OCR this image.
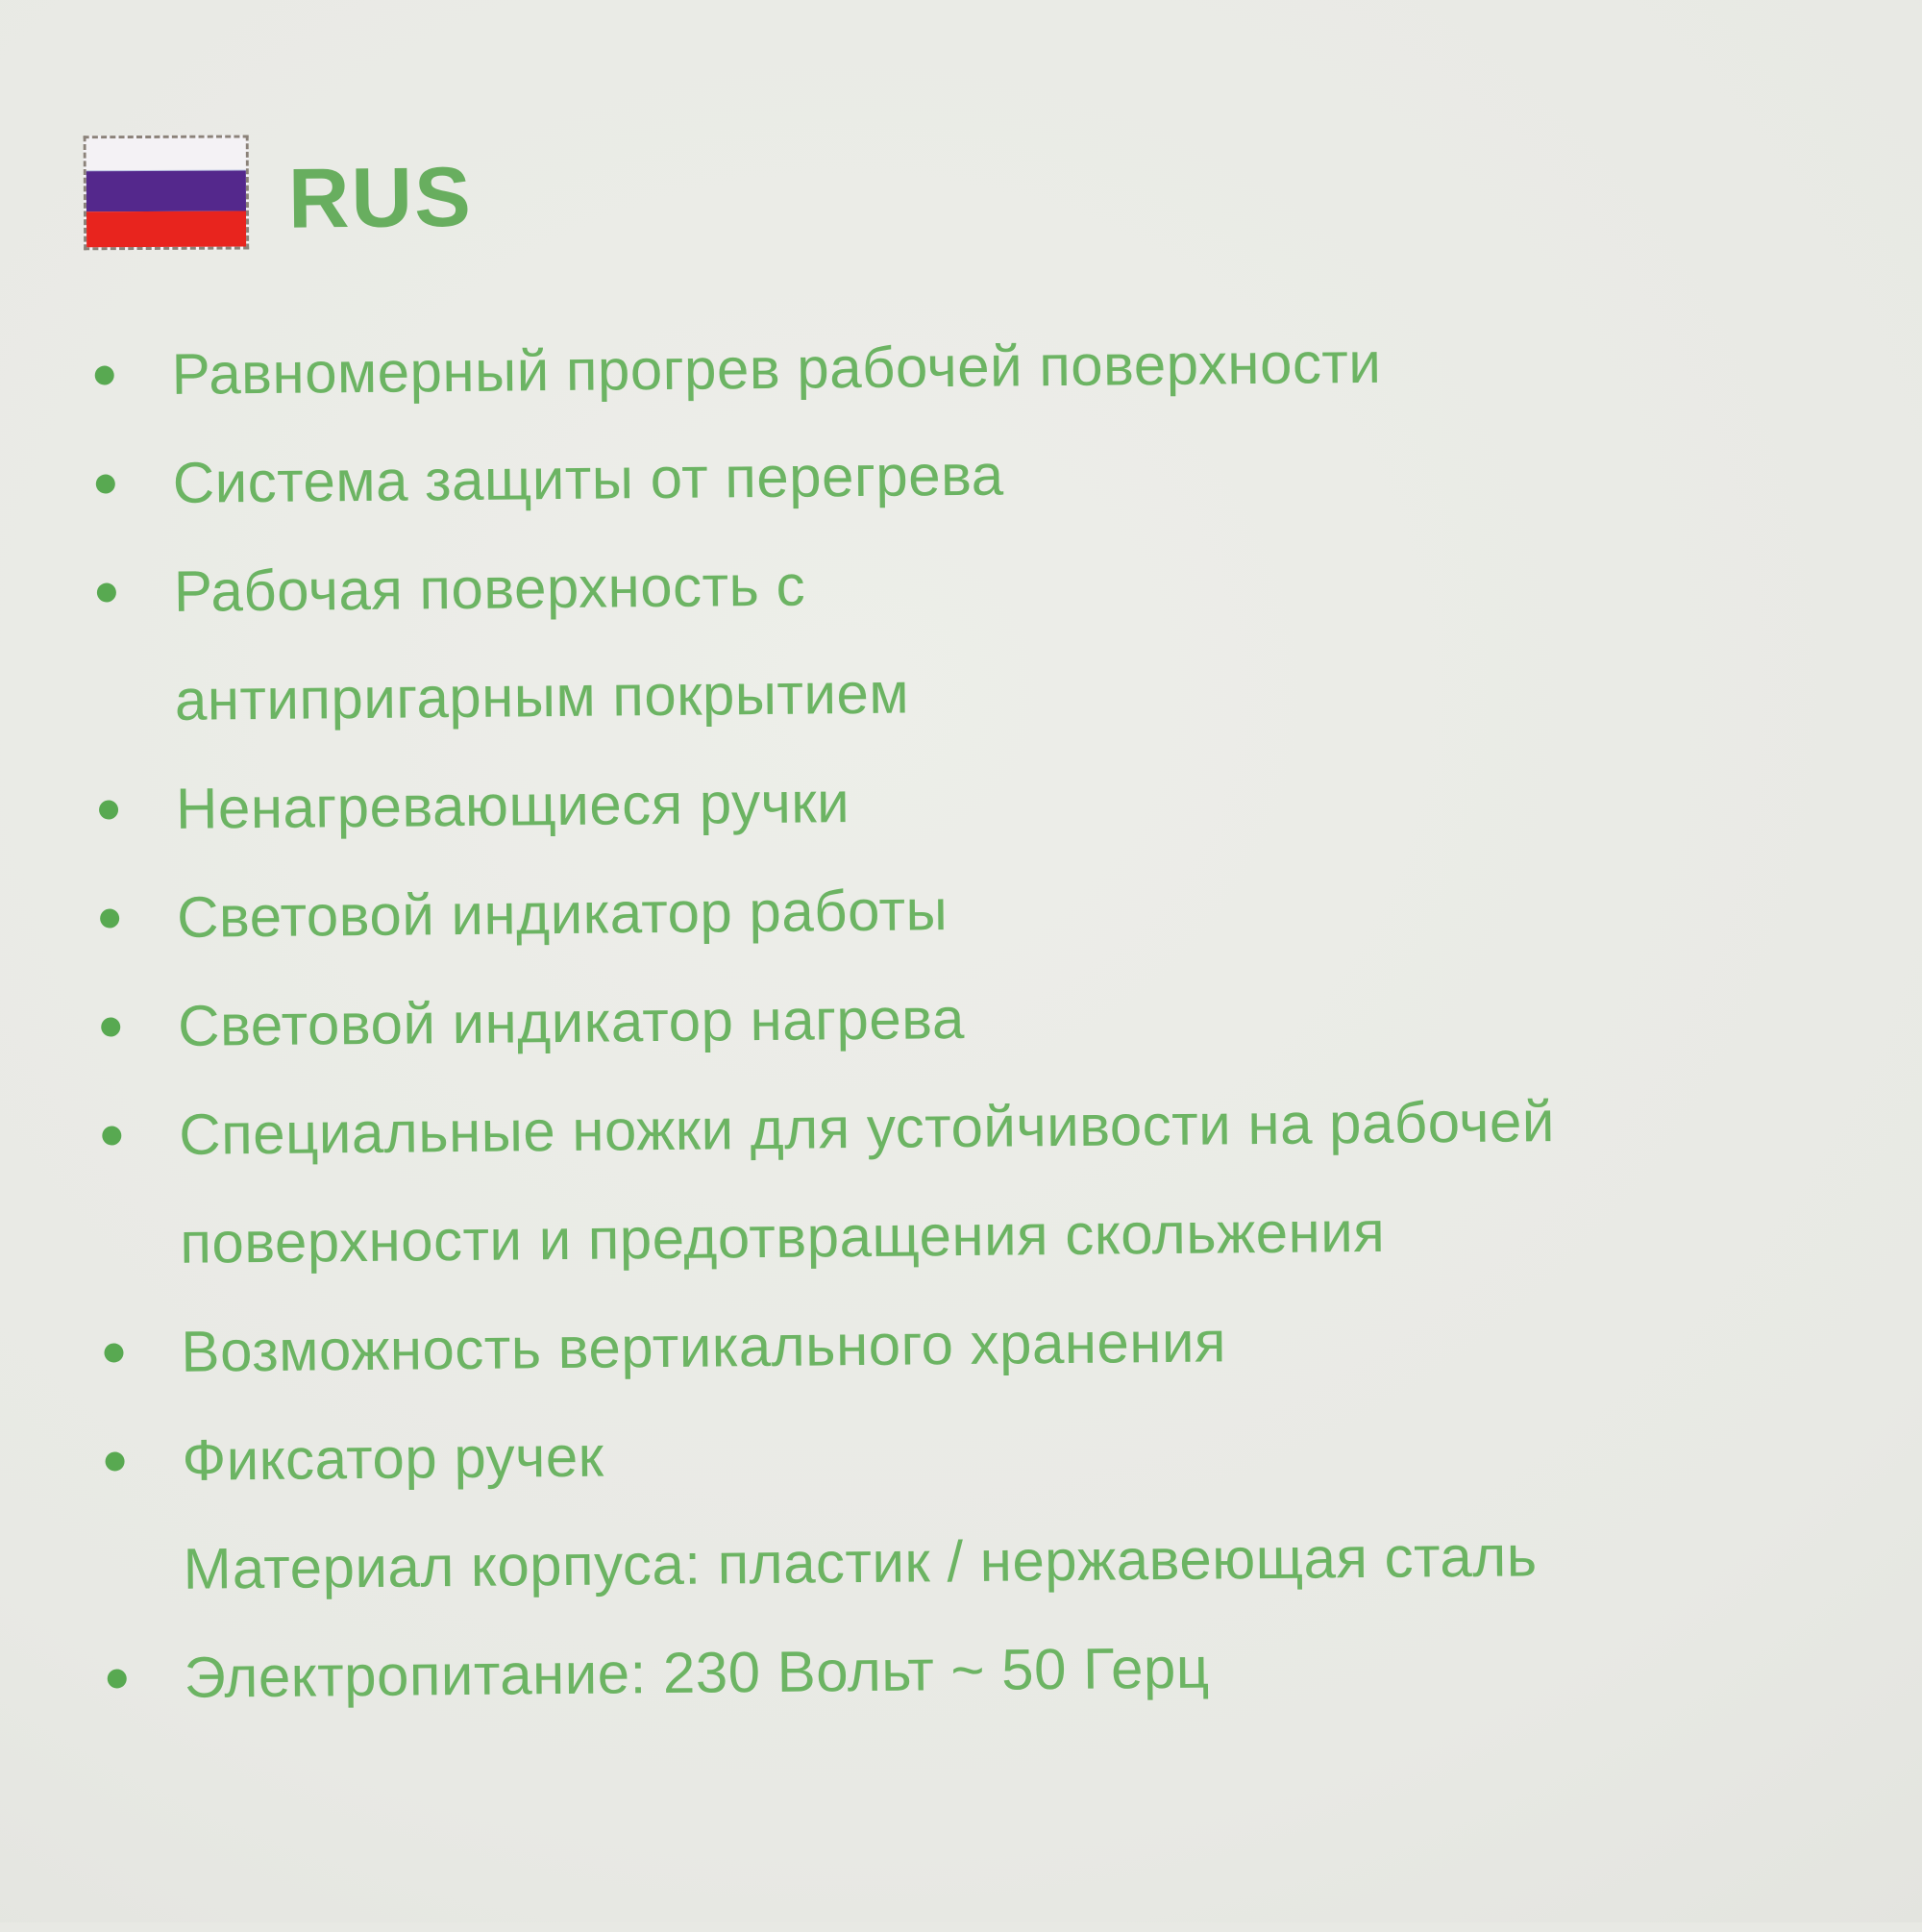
RUS
Равномерный прогрев рабочей поверхности
Система защиты от перегрева
Рабочая поверхность с
антипригарным покрытием
Ненагревающиеся ручки
Световой индикатор работы
Световой индикатор нагрева
Специальные ножки для устойчивости на рабочей
поверхности и предотвращения скольжения
Возможность вертикального хранения
Фиксатор ручек
Материал корпуса: пластик / нержавеющая сталь
Электропитание: 230 Вольт ~ 50 Герц
